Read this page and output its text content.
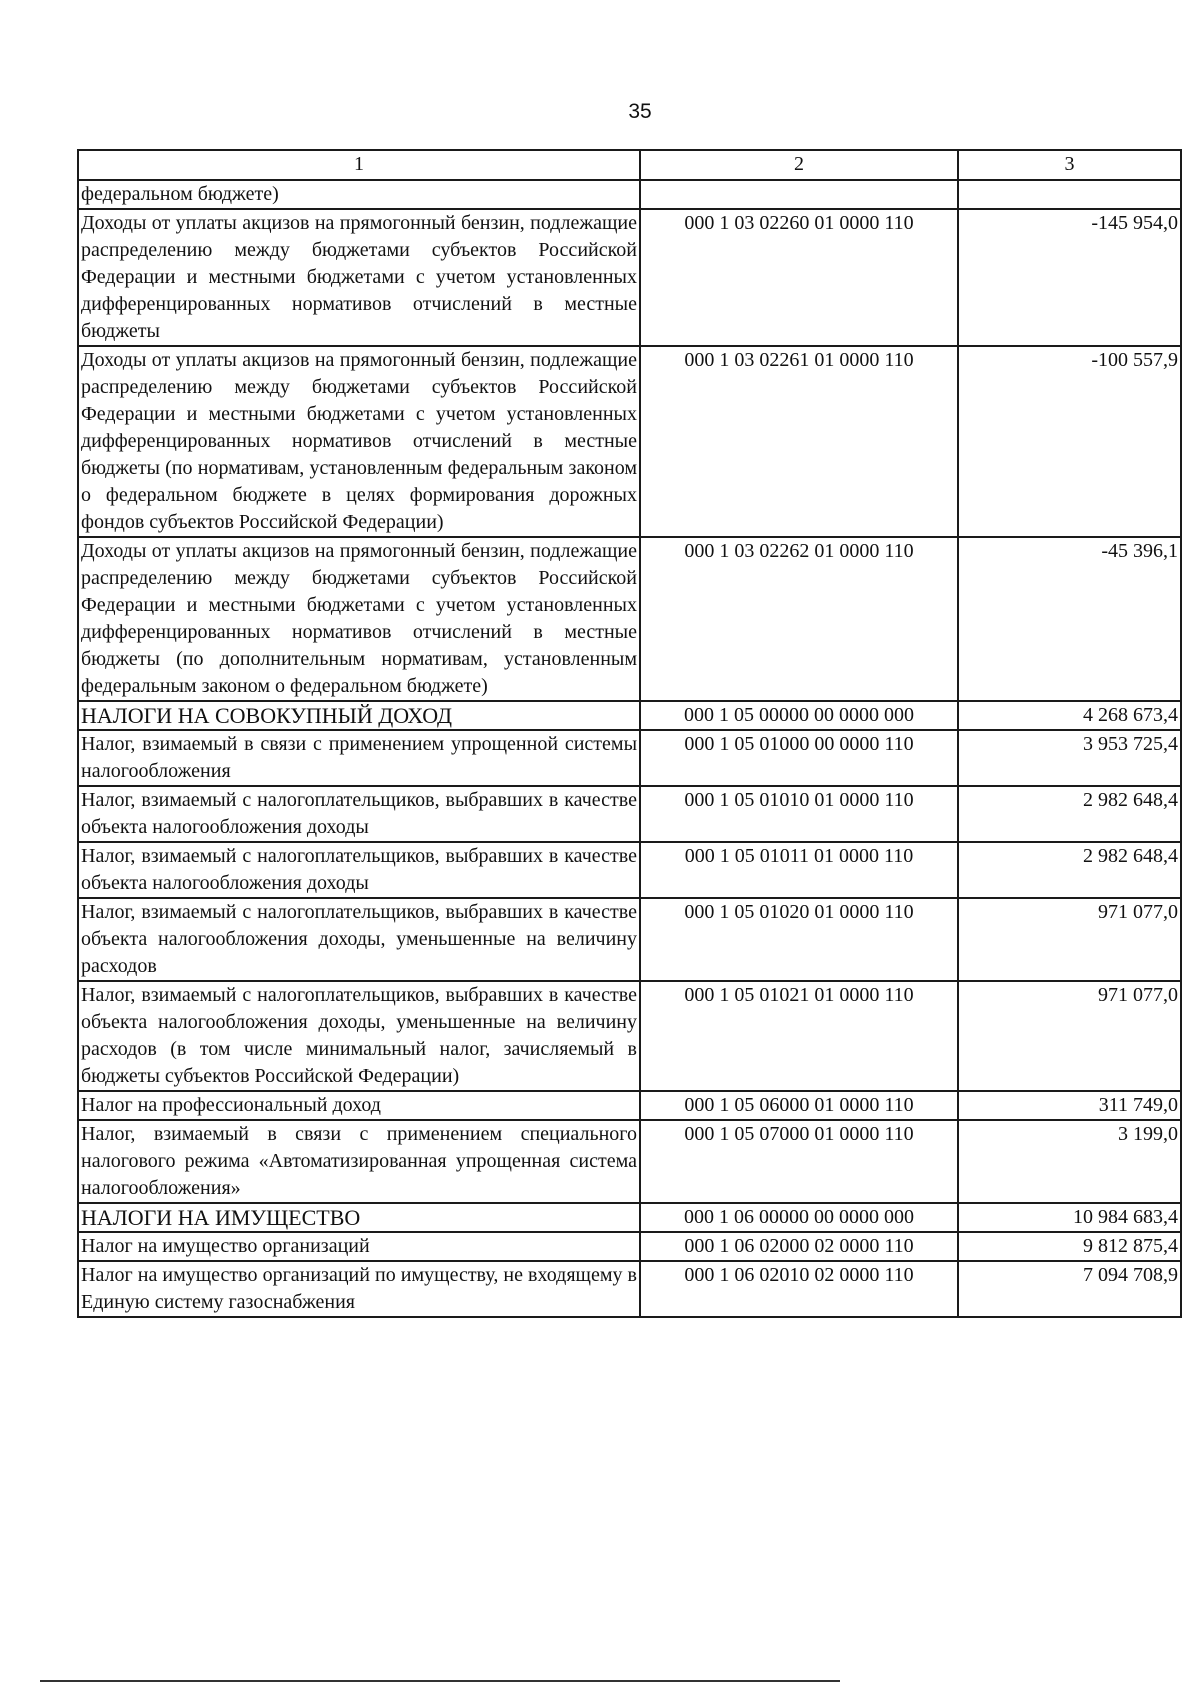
35
1	2	3
федеральном бюджете)		
Доходы от уплаты акцизов на прямогонный бензин, подлежащие распределению между бюджетами субъектов Российской Федерации и местными бюджетами с учетом установленных дифференцированных нормативов отчислений в местные бюджеты	000 1 03 02260 01 0000 110	-145 954,0
Доходы от уплаты акцизов на прямогонный бензин, подлежащие распределению между бюджетами субъектов Российской Федерации и местными бюджетами с учетом установленных дифференцированных нормативов отчислений в местные бюджеты (по нормативам, установленным федеральным законом о федеральном бюджете в целях формирования дорожных фондов субъектов Российской Федерации)	000 1 03 02261 01 0000 110	-100 557,9
Доходы от уплаты акцизов на прямогонный бензин, подлежащие распределению между бюджетами субъектов Российской Федерации и местными бюджетами с учетом установленных дифференцированных нормативов отчислений в местные бюджеты (по дополнительным нормативам, установленным федеральным законом о федеральном бюджете)	000 1 03 02262 01 0000 110	-45 396,1
НАЛОГИ НА СОВОКУПНЫЙ ДОХОД	000 1 05 00000 00 0000 000	4 268 673,4
Налог, взимаемый в связи с применением упрощенной системы налогообложения	000 1 05 01000 00 0000 110	3 953 725,4
Налог, взимаемый с налогоплательщиков, выбравших в качестве объекта налогообложения доходы	000 1 05 01010 01 0000 110	2 982 648,4
Налог, взимаемый с налогоплательщиков, выбравших в качестве объекта налогообложения доходы	000 1 05 01011 01 0000 110	2 982 648,4
Налог, взимаемый с налогоплательщиков, выбравших в качестве объекта налогообложения доходы, уменьшенные на величину расходов	000 1 05 01020 01 0000 110	971 077,0
Налог, взимаемый с налогоплательщиков, выбравших в качестве объекта налогообложения доходы, уменьшенные на величину расходов (в том числе минимальный налог, зачисляемый в бюджеты субъектов Российской Федерации)	000 1 05 01021 01 0000 110	971 077,0
Налог на профессиональный доход	000 1 05 06000 01 0000 110	311 749,0
Налог, взимаемый в связи с применением специального налогового режима «Автоматизированная упрощенная система налогообложения»	000 1 05 07000 01 0000 110	3 199,0
НАЛОГИ НА ИМУЩЕСТВО	000 1 06 00000 00 0000 000	10 984 683,4
Налог на имущество организаций	000 1 06 02000 02 0000 110	9 812 875,4
Налог на имущество организаций по имуществу, не входящему в Единую систему газоснабжения	000 1 06 02010 02 0000 110	7 094 708,9
